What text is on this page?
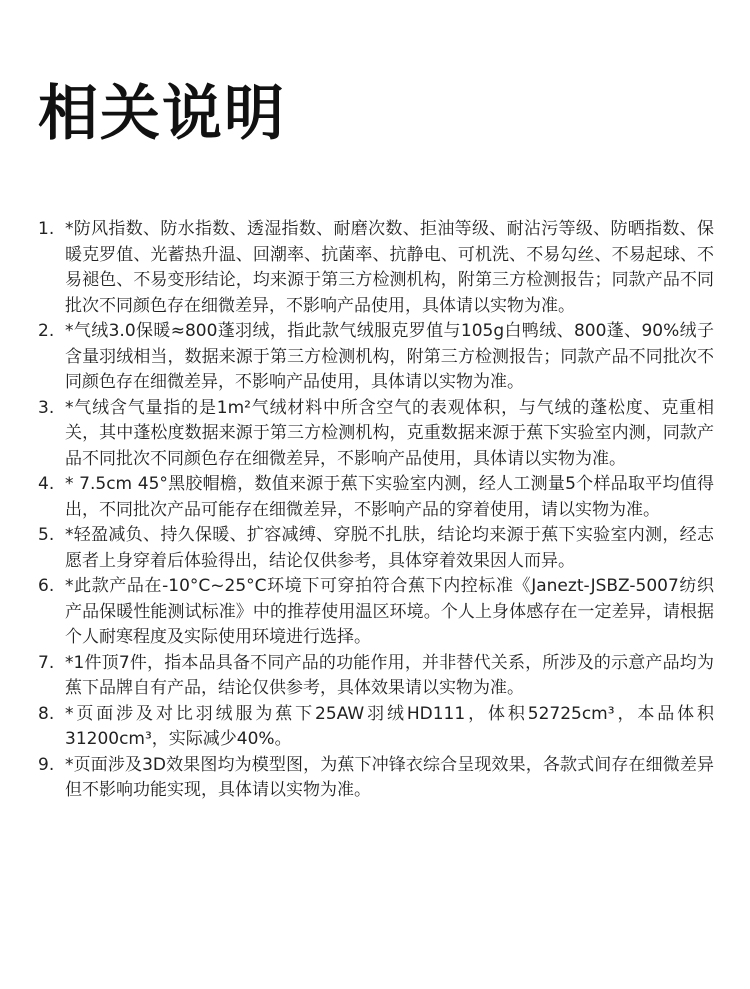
相关说明
1. *防风指数、防水指数、透湿指数、耐磨次数、拒油等级、耐沾污等级、防晒指数、保暖克罗值、光蓄热升温、回潮率、抗菌率、抗静电、可机洗、不易勾丝、不易起球、不易褪色、不易变形结论，均来源于第三方检测机构，附第三方检测报告；同款产品不同批次不同颜色存在细微差异，不影响产品使用，具体请以实物为准。
2. *气绒3.0保暖≈800蓬羽绒，指此款气绒服克罗值与105g白鸭绒、800蓬、90%绒子含量羽绒相当，数据来源于第三方检测机构，附第三方检测报告；同款产品不同批次不同颜色存在细微差异，不影响产品使用，具体请以实物为准。
3. *气绒含气量指的是1m²气绒材料中所含空气的表观体积，与气绒的蓬松度、克重相关，其中蓬松度数据来源于第三方检测机构，克重数据来源于蕉下实验室内测，同款产品不同批次不同颜色存在细微差异，不影响产品使用，具体请以实物为准。
4. * 7.5cm 45°黑胶帽檐，数值来源于蕉下实验室内测，经人工测量5个样品取平均值得出，不同批次产品可能存在细微差异，不影响产品的穿着使用，请以实物为准。
5. *轻盈减负、持久保暖、扩容减缚、穿脱不扎肤，结论均来源于蕉下实验室内测，经志愿者上身穿着后体验得出，结论仅供参考，具体穿着效果因人而异。
6. *此款产品在-10°C~25°C环境下可穿拍符合蕉下内控标准《Janezt-JSBZ-5007纺织产品保暖性能测试标准》中的推荐使用温区环境。个人上身体感存在一定差异，请根据个人耐寒程度及实际使用环境进行选择。
7. *1件顶7件，指本品具备不同产品的功能作用，并非替代关系，所涉及的示意产品均为蕉下品牌自有产品，结论仅供参考，具体效果请以实物为准。
8. *页面涉及对比羽绒服为蕉下25AW羽绒HD111，体积52725cm³，本品体积31200cm³，实际减少40%。
9. *页面涉及3D效果图均为模型图，为蕉下冲锋衣综合呈现效果，各款式间存在细微差异但不影响功能实现，具体请以实物为准。
